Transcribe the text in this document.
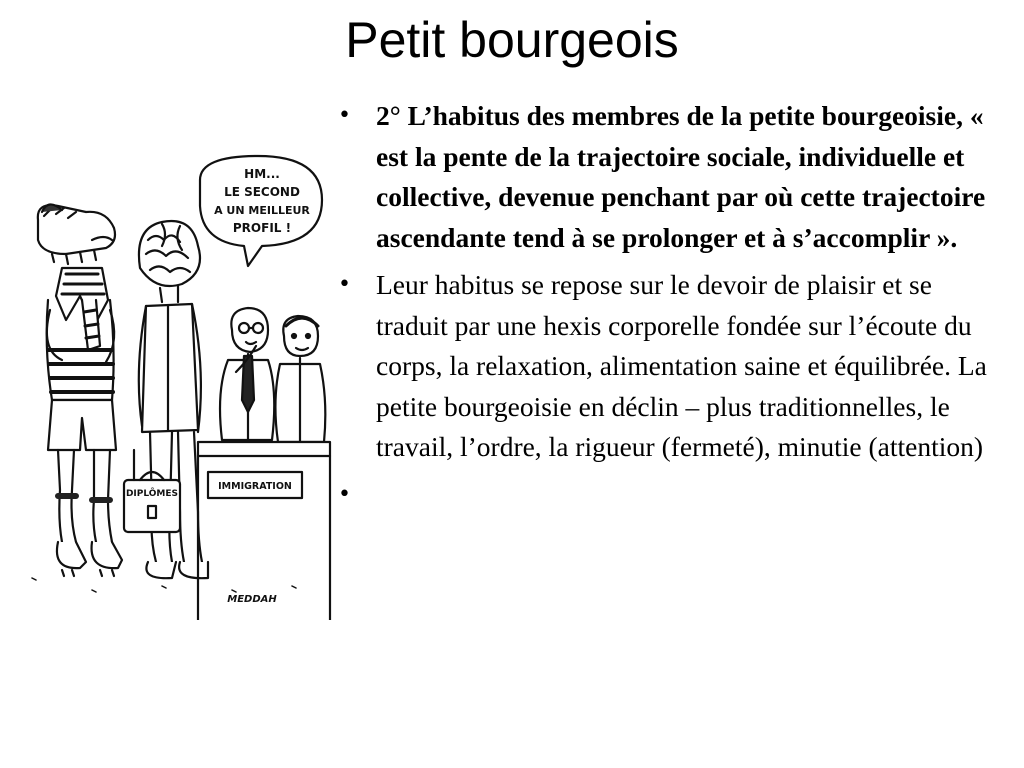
Petit bourgeois
HM...
LE SECOND
A UN MEILLEUR
PROFIL !
DIPLÔMES
IMMIGRATION
MEDDAH
• 2° L’habitus des membres de la petite bourgeoisie, « est la pente de la trajectoire sociale, individuelle et collective, devenue penchant par où cette trajectoire ascendante tend à se prolonger et à s’accomplir ».
• Leur habitus se repose sur le devoir de plaisir et se traduit par une hexis corporelle fondée sur l’écoute du corps, la relaxation, alimentation saine et équilibrée. La petite bourgeoisie en déclin – plus traditionnelles, le travail, l’ordre, la rigueur (fermeté), minutie (attention)
•
